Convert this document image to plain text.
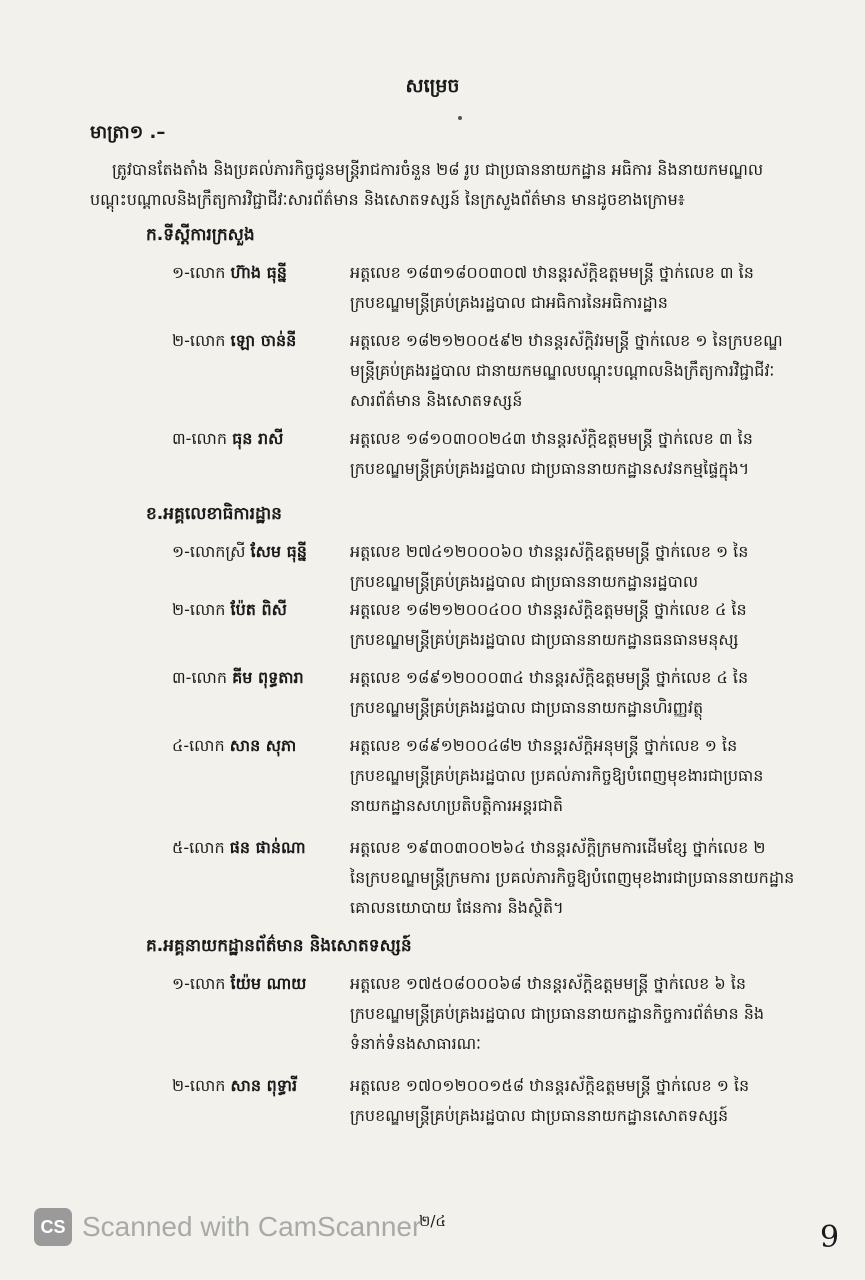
សម្រេច
មាត្រា១ .–
ត្រូវបានតែងតាំង និងប្រគល់ភារកិច្ចជូនមន្ត្រីរាជការចំនួន ២៨ រូប ជាប្រធាននាយកដ្ឋាន អធិការ និងនាយកមណ្ឌល
បណ្តុះបណ្តាលនិងក្រឹត្យការវិជ្ជាជីវៈសារព័ត៌មាន និងសោតទស្សន៍ នៃក្រសួងព័ត៌មាន មានដូចខាងក្រោម៖
ក.ទីស្តីការក្រសួង
១-លោក ហ៊ាង ធុន្នី	អត្តលេខ ១៨៣១៨០០៣០៧ ឋានន្តរស័ក្តិឧត្តមមន្ត្រី ថ្នាក់លេខ ៣ នៃ
ក្របខណ្ឌមន្ត្រីគ្រប់គ្រងរដ្ឋបាល ជាអធិការនៃអធិការដ្ឋាន
២-លោក ឡោ ចាន់នី	អត្តលេខ ១៨២១២០០៥៩២ ឋានន្តរស័ក្តិវរមន្ត្រី ថ្នាក់លេខ ១ នៃក្របខណ្ឌ
មន្ត្រីគ្រប់គ្រងរដ្ឋបាល ជានាយកមណ្ឌលបណ្តុះបណ្តាលនិងក្រឹត្យការវិជ្ជាជីវៈ
សារព័ត៌មាន និងសោតទស្សន៍
៣-លោក ធុន រាសី	អត្តលេខ ១៨១០៣០០២៤៣ ឋានន្តរស័ក្តិឧត្តមមន្ត្រី ថ្នាក់លេខ ៣ នៃ
ក្របខណ្ឌមន្ត្រីគ្រប់គ្រងរដ្ឋបាល ជាប្រធាននាយកដ្ឋានសវនកម្មផ្ទៃក្នុង។
ខ.អគ្គលេខាធិការដ្ឋាន
១-លោកស្រី សែម ធុន្នី	អត្តលេខ ២៧៤១២០០០៦០ ឋានន្តរស័ក្តិឧត្តមមន្ត្រី ថ្នាក់លេខ ១ នៃ
ក្របខណ្ឌមន្ត្រីគ្រប់គ្រងរដ្ឋបាល ជាប្រធាននាយកដ្ឋានរដ្ឋបាល
២-លោក ប៉ែត ពិសី	អត្តលេខ ១៨២១២០០៤០០ ឋានន្តរស័ក្តិឧត្តមមន្ត្រី ថ្នាក់លេខ ៤ នៃ
ក្របខណ្ឌមន្ត្រីគ្រប់គ្រងរដ្ឋបាល ជាប្រធាននាយកដ្ឋានធនធានមនុស្ស
៣-លោក គីម ពុទ្ធតារា	អត្តលេខ ១៨៩១២០០០៣៤ ឋានន្តរស័ក្តិឧត្តមមន្ត្រី ថ្នាក់លេខ ៤ នៃ
ក្របខណ្ឌមន្ត្រីគ្រប់គ្រងរដ្ឋបាល ជាប្រធាននាយកដ្ឋានហិរញ្ញវត្ថុ
៤-លោក សាន សុភា	អត្តលេខ ១៨៩១២០០៤៨២ ឋានន្តរស័ក្តិអនុមន្ត្រី ថ្នាក់លេខ ១ នៃ
ក្របខណ្ឌមន្ត្រីគ្រប់គ្រងរដ្ឋបាល ប្រគល់ភារកិច្ចឱ្យបំពេញមុខងារជាប្រធាន
នាយកដ្ឋានសហប្រតិបត្តិការអន្តរជាតិ
៥-លោក ផន ផាន់ណា	អត្តលេខ ១៩៣០៣០០២៦៤ ឋានន្តរស័ក្តិក្រមការដើមខ្សែ ថ្នាក់លេខ ២
នៃក្របខណ្ឌមន្ត្រីក្រមការ ប្រគល់ភារកិច្ចឱ្យបំពេញមុខងារជាប្រធាននាយកដ្ឋាន
គោលនយោបាយ ផែនការ និងស្ថិតិ។
គ.អគ្គនាយកដ្ឋានព័ត៌មាន និងសោតទស្សន៍
១-លោក យ៉ែម ណាយ	អត្តលេខ ១៧៥០៨០០០៦៨ ឋានន្តរស័ក្តិឧត្តមមន្ត្រី ថ្នាក់លេខ ៦ នៃ
ក្របខណ្ឌមន្ត្រីគ្រប់គ្រងរដ្ឋបាល ជាប្រធាននាយកដ្ឋានកិច្ចការព័ត៌មាន និង
ទំនាក់ទំនងសាធារណៈ
២-លោក សាន ពុទ្ធារី	អត្តលេខ ១៧០១២០០១៥៨ ឋានន្តរស័ក្តិឧត្តមមន្ត្រី ថ្នាក់លេខ ១ នៃ
ក្របខណ្ឌមន្ត្រីគ្រប់គ្រងរដ្ឋបាល ជាប្រធាននាយកដ្ឋានសោតទស្សន៍
២/៤
CS Scanned with CamScanner	9
